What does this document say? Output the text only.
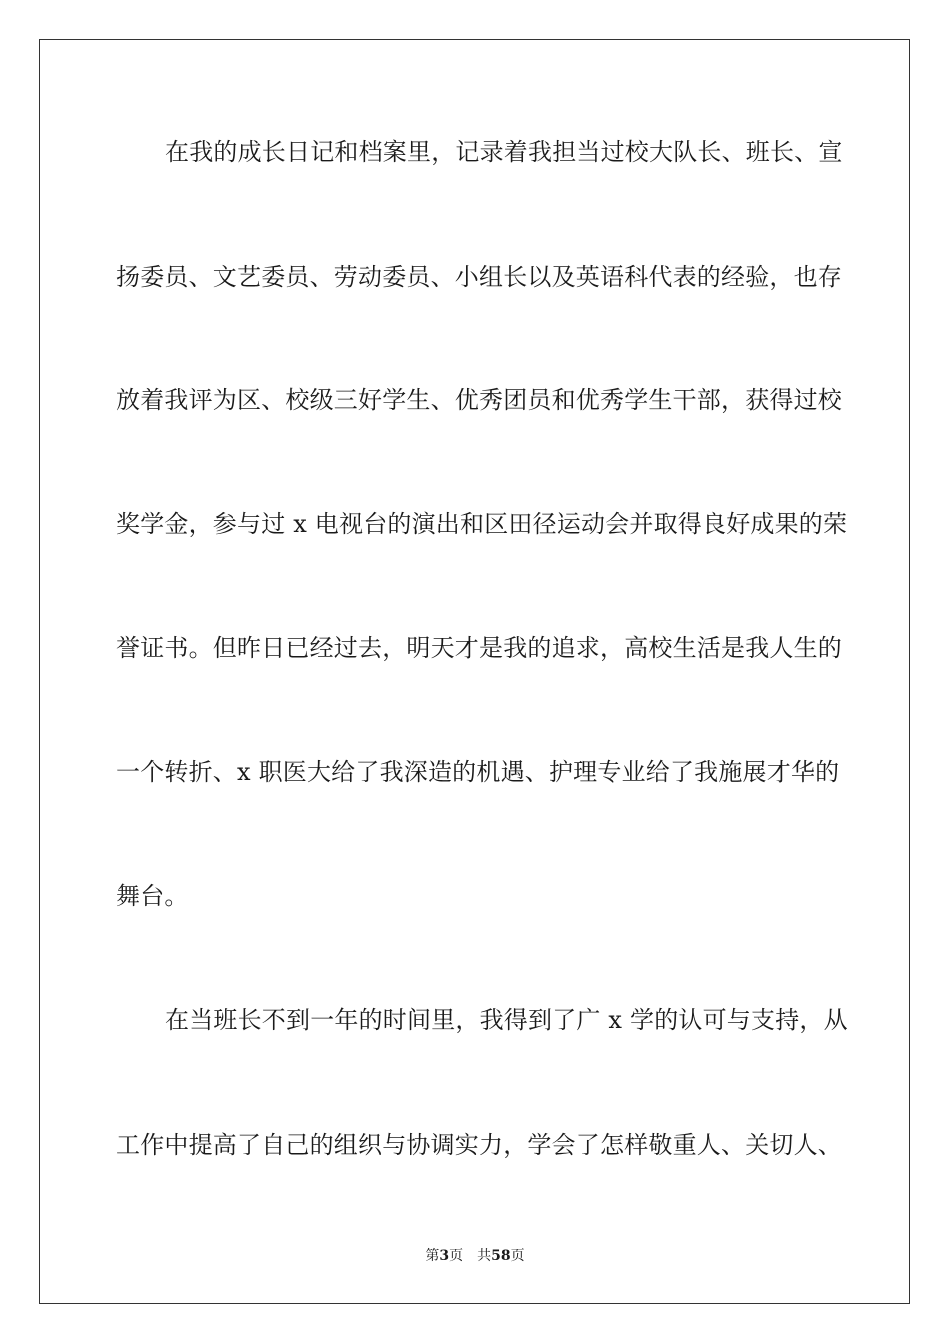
在我的成长日记和档案里，记录着我担当过校大队长、班长、宣
扬委员、文艺委员、劳动委员、小组长以及英语科代表的经验，也存
放着我评为区、校级三好学生、优秀团员和优秀学生干部，获得过校
奖学金，参与过 x 电视台的演出和区田径运动会并取得良好成果的荣
誉证书。但昨日已经过去，明天才是我的追求，高校生活是我人生的
一个转折、x 职医大给了我深造的机遇、护理专业给了我施展才华的
舞台。
在当班长不到一年的时间里，我得到了广 x 学的认可与支持，从
工作中提高了自己的组织与协调实力，学会了怎样敬重人、关切人、
第3页 共58页
